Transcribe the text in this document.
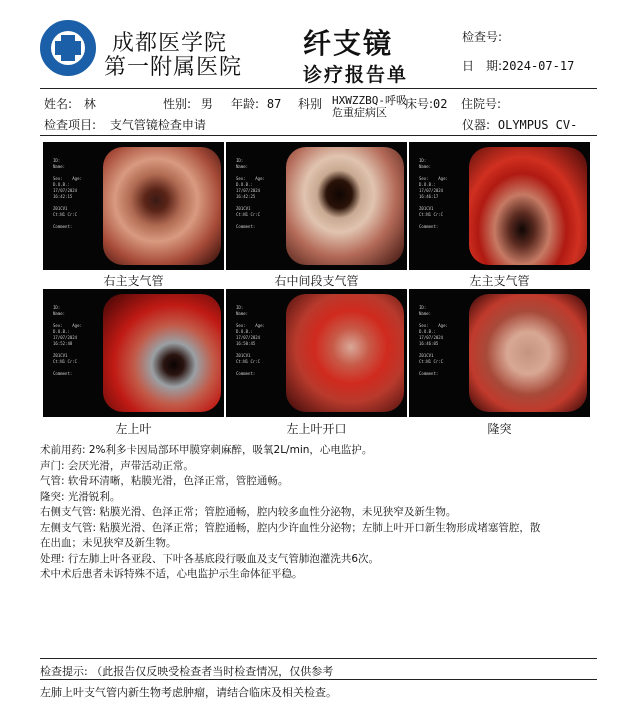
成都医学院
第一附属医院
纤支镜
诊疗报告单
检查号:
日　期:2024-07-17
姓名: 林	性别: 男 年龄: 87 科别 HXWZZBQ-呼吸
危重症病区
床号:02 住院号:
检查项目: 支气管镜检查申请	仪器: OLYMPUS CV-
ID:
Name:

Sex:    Age:
D.O.B.:
17/07/2024
16:42:15

Z01CV1
Ct:N1 Cr:C

Comment:
ID:
Name:

Sex:    Age:
D.O.B.:
17/07/2024
16:42:25

Z01CV1
Ct:N1 Cr:C

Comment:
ID:
Name:

Sex:    Age:
D.O.B.:
17/07/2024
16:46:17

Z01CV1
Ct:N1 Cr:C

Comment:
右主支气管	右中间段支气管	左主支气管
ID:
Name:

Sex:    Age:
D.O.B.:
17/07/2024
16:52:48

Z01CV1
Ct:N1 Cr:C

Comment:
ID:
Name:

Sex:    Age:
D.O.B.:
17/07/2024
16:50:45

Z01CV1
Ct:N1 Cr:C

Comment:
ID:
Name:

Sex:    Age:
D.O.B.:
17/07/2024
16:46:05

Z01CV1
Ct:N1 Cr:C

Comment:
左上叶	左上叶开口	隆突
术前用药: 2%利多卡因局部环甲膜穿刺麻醉，吸氧2L/min，心电监护。
声门: 会厌光滑，声带活动正常。
气管: 软骨环清晰，粘膜光滑，色泽正常，管腔通畅。
隆突: 光滑锐利。
右侧支气管: 粘膜光滑、色泽正常；管腔通畅，腔内较多血性分泌物，未见狭窄及新生物。
左侧支气管: 粘膜光滑、色泽正常；管腔通畅，腔内少许血性分泌物；左肺上叶开口新生物形成堵塞管腔，散
在出血；未见狭窄及新生物。
处理: 行左肺上叶各亚段、下叶各基底段行吸血及支气管肺泡灌洗共6次。
术中术后患者未诉特殊不适，心电监护示生命体征平稳。
检查提示: （此报告仅反映受检查者当时检查情况，仅供参考
左肺上叶支气管内新生物考虑肿瘤，请结合临床及相关检查。
